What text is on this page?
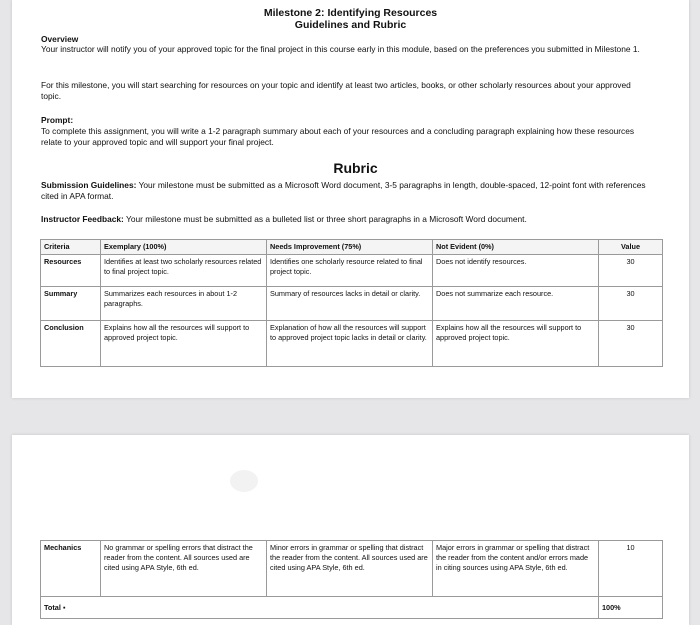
Milestone 2: Identifying Resources
Guidelines and Rubric
Overview
Your instructor will notify you of your approved topic for the final project in this course early in this module, based on the preferences you submitted in Milestone 1.
For this milestone, you will start searching for resources on your topic and identify at least two articles, books, or other scholarly resources about your approved topic.
Prompt:
To complete this assignment, you will write a 1-2 paragraph summary about each of your resources and a concluding paragraph explaining how these resources relate to your approved topic and will support your final project.
Rubric
Submission Guidelines: Your milestone must be submitted as a Microsoft Word document, 3-5 paragraphs in length, double-spaced, 12-point font with references cited in APA format.
Instructor Feedback: Your milestone must be submitted as a bulleted list or three short paragraphs in a Microsoft Word document.
Criteria	Exemplary (100%)	Needs Improvement (75%)	Not Evident (0%)	Value
Resources	Identifies at least two scholarly resources related to final project topic.	Identifies one scholarly resource related to final project topic.	Does not identify resources.	30
Summary	Summarizes each resources in about 1-2 paragraphs.	Summary of resources lacks in detail or clarity.	Does not summarize each resource.	30
Conclusion	Explains how all the resources will support to approved project topic.	Explanation of how all the resources will support to approved project topic lacks in detail or clarity.	Explains how all the resources will support to approved project topic.	30
Mechanics	No grammar or spelling errors that distract the reader from the content. All sources used are cited using APA Style, 6th ed.	Minor errors in grammar or spelling that distract the reader from the content. All sources used are cited using APA Style, 6th ed.	Major errors in grammar or spelling that distract the reader from the content and/or errors made in citing sources using APA Style, 6th ed.	10
Total ▪				100%
